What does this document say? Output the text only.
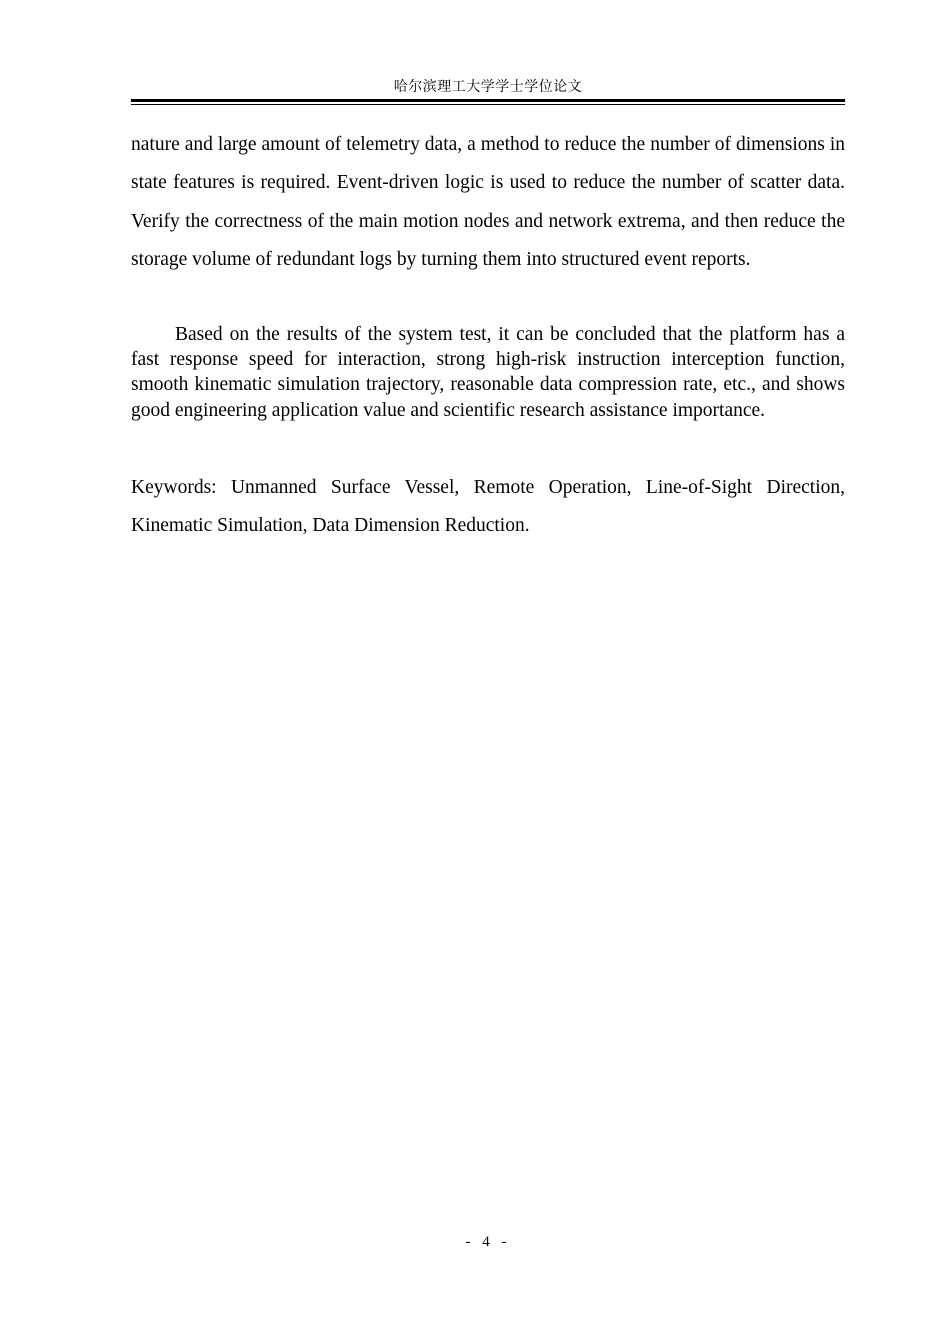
哈尔滨理工大学学士学位论文

nature and large amount of telemetry data, a method to reduce the number of dimensions in state features is required. Event-driven logic is used to reduce the number of scatter data. Verify the correctness of the main motion nodes and network extrema, and then reduce the storage volume of redundant logs by turning them into structured event reports.

Based on the results of the system test, it can be concluded that the platform has a fast response speed for interaction, strong high-risk instruction interception function, smooth kinematic simulation trajectory, reasonable data compression rate, etc., and shows good engineering application value and scientific research assistance importance.

Keywords: Unmanned Surface Vessel, Remote Operation, Line-of-Sight Direction, Kinematic Simulation, Data Dimension Reduction.

- 4 -
